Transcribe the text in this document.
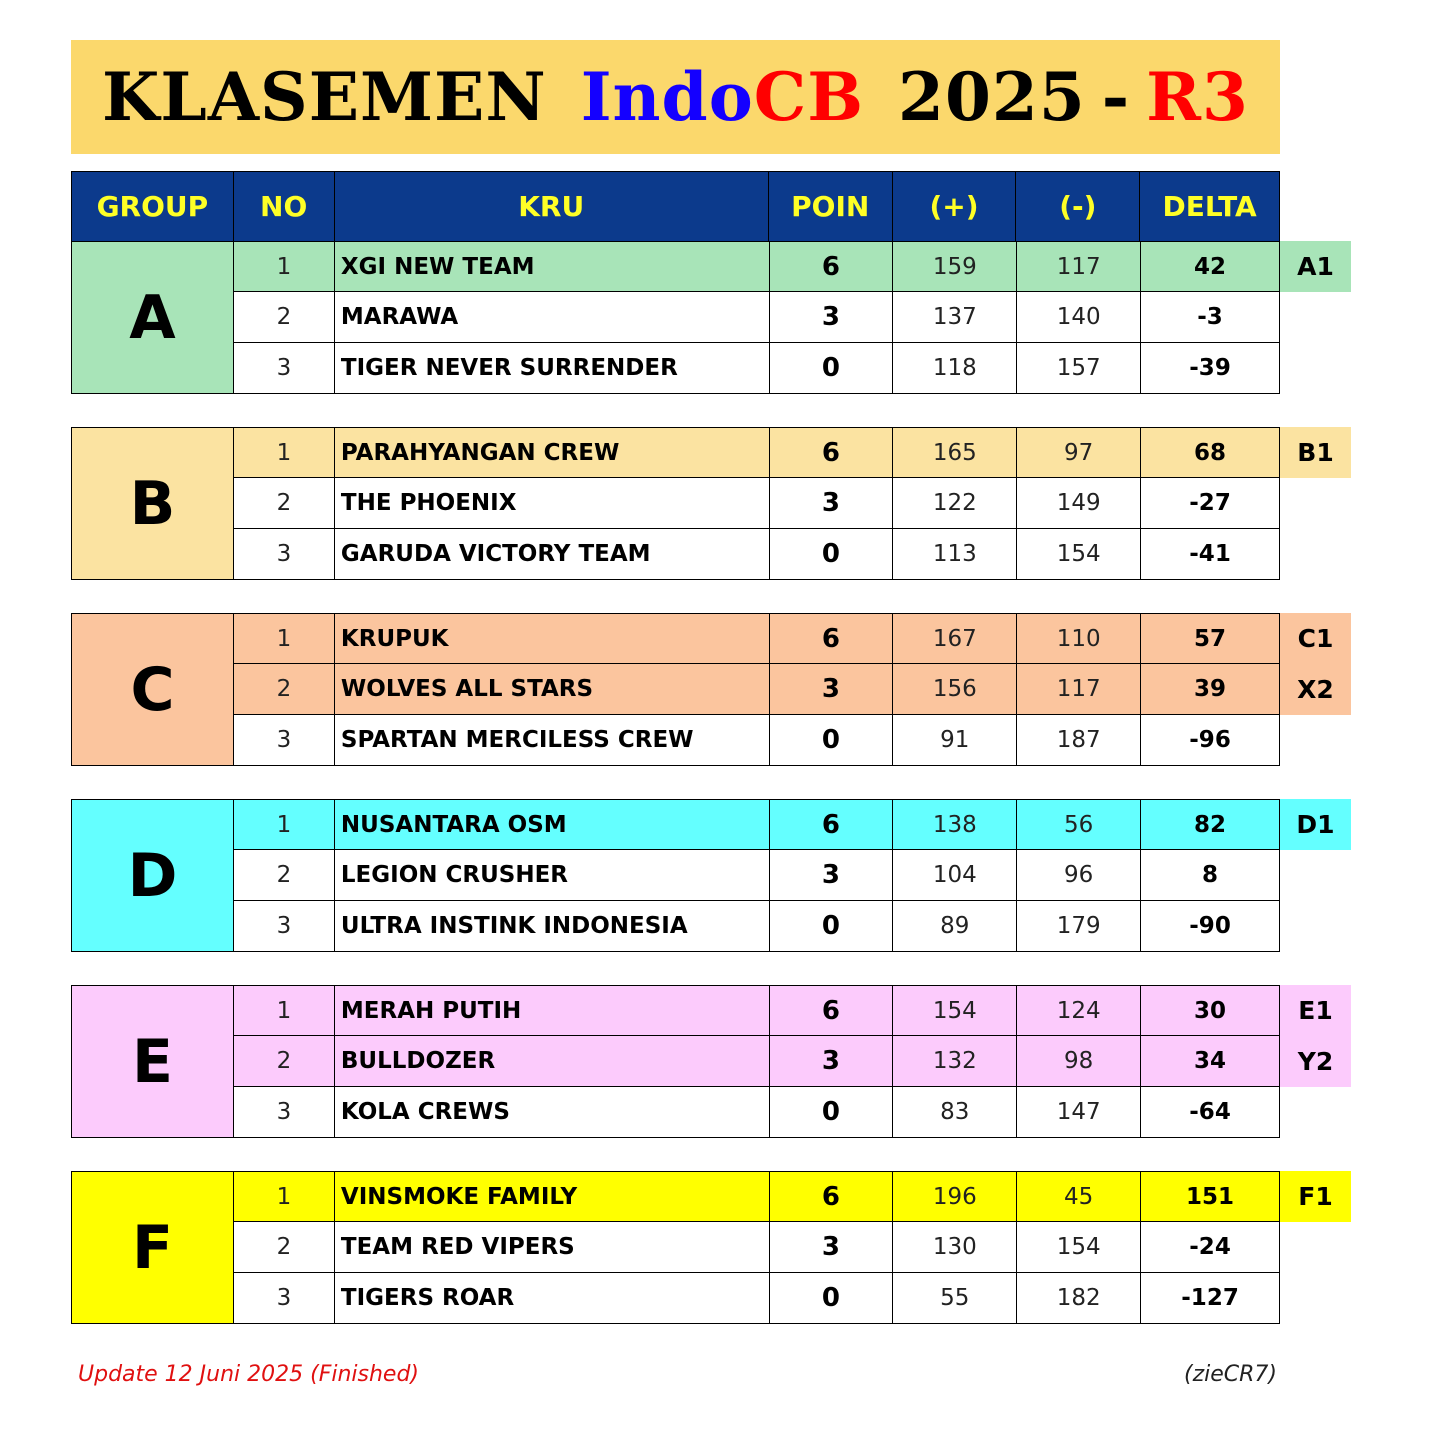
KLASEMEN Indo CB 2025 - R3
GROUP	NO	KRU	POIN	(+)	(-)	DELTA
A
1	XGI NEW TEAM	6	159	117	42	A1
2	MARAWA	3	137	140	-3
3	TIGER NEVER SURRENDER	0	118	157	-39
B
1	PARAHYANGAN CREW	6	165	97	68	B1
2	THE PHOENIX	3	122	149	-27
3	GARUDA VICTORY TEAM	0	113	154	-41
C
1	KRUPUK	6	167	110	57	C1
2	WOLVES ALL STARS	3	156	117	39	X2
3	SPARTAN MERCILESS CREW	0	91	187	-96
D
1	NUSANTARA OSM	6	138	56	82	D1
2	LEGION CRUSHER	3	104	96	8
3	ULTRA INSTINK INDONESIA	0	89	179	-90
E
1	MERAH PUTIH	6	154	124	30	E1
2	BULLDOZER	3	132	98	34	Y2
3	KOLA CREWS	0	83	147	-64
F
1	VINSMOKE FAMILY	6	196	45	151	F1
2	TEAM RED VIPERS	3	130	154	-24
3	TIGERS ROAR	0	55	182	-127
Update 12 Juni 2025 (Finished)	(zieCR7)
